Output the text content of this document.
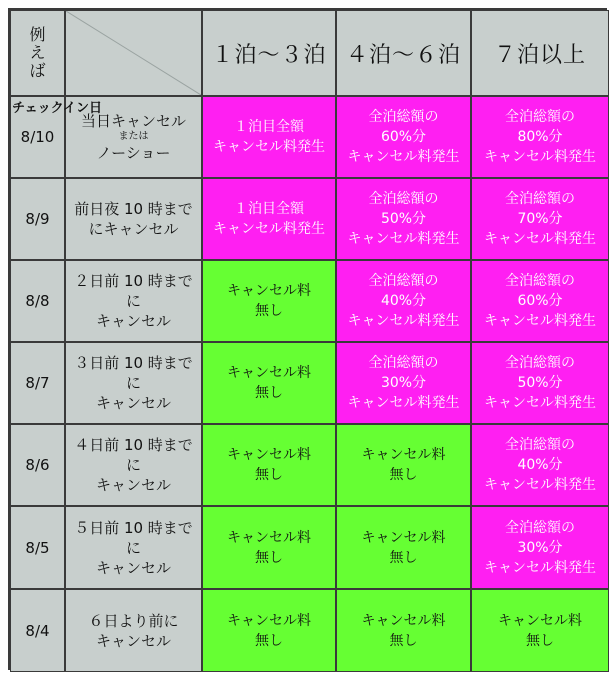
例
え
ば
１泊〜３泊 ４泊〜６泊	７泊以上
8/10
当日キャンセル
または
ノーショー
１泊目全額
キャンセル料発生
全泊総額の
60%分
キャンセル料発生
全泊総額の
80%分
キャンセル料発生
8/9
前日夜 10 時まで
にキャンセル
１泊目全額
キャンセル料発生
全泊総額の
50%分
キャンセル料発生
全泊総額の
70%分
キャンセル料発生
8/8
２日前 10 時までに
キャンセル
キャンセル料
無し
全泊総額の
40%分
キャンセル料発生
全泊総額の
60%分
キャンセル料発生
8/7
３日前 10 時までに
キャンセル
キャンセル料
無し
全泊総額の
30%分
キャンセル料発生
全泊総額の
50%分
キャンセル料発生
8/6
４日前 10 時までに
キャンセル
キャンセル料
無し
キャンセル料
無し
全泊総額の
40%分
キャンセル料発生
8/5
５日前 10 時までに
キャンセル
キャンセル料
無し
キャンセル料
無し
全泊総額の
30%分
キャンセル料発生
8/4
６日より前に
キャンセル
キャンセル料
無し
キャンセル料
無し
キャンセル料
無し
チェックイン日
